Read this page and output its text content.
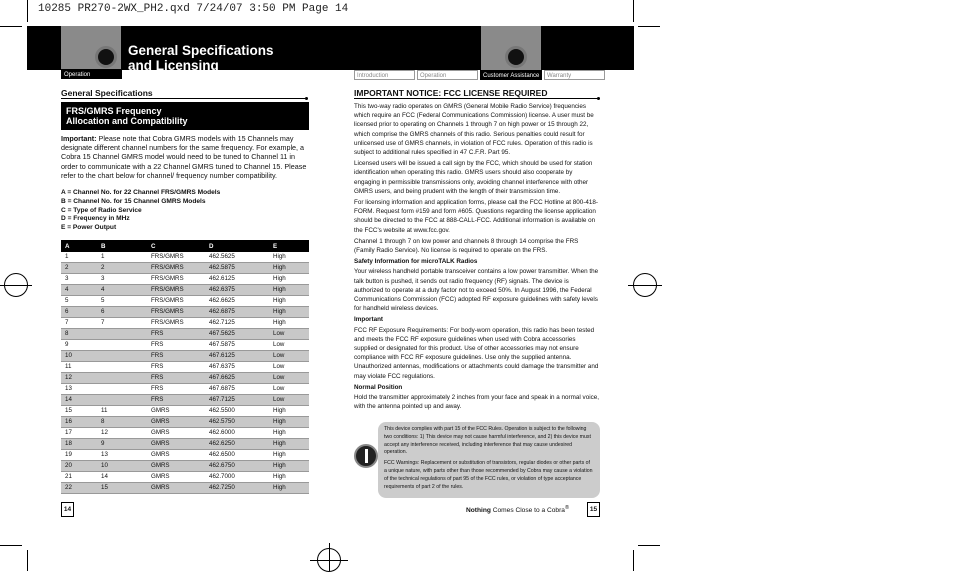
10285 PR270-2WX_PH2.qxd 7/24/07 3:50 PM Page 14
General Specifications
and Licensing
Operation	Introduction	Operation	Customer Assistance	Warranty
General Specifications
FRS/GMRS Frequency
Allocation and Compatibility
Important: Please note that Cobra GMRS models with 15 Channels may designate different channel numbers for the same frequency. For example, a Cobra 15 Channel GMRS model would need to be tuned to Channel 11 in order to communicate with a 22 Channel GMRS tuned to Channel 15. Please refer to the chart below for channel/ frequency number compatibility.
A = Channel No. for 22 Channel FRS/GMRS Models
B = Channel No. for 15 Channel GMRS Models
C = Type of Radio Service
D = Frequency in MHz
E = Power Output
A	B	C	D	E
1	1	FRS/GMRS	462.5625	High
2	2	FRS/GMRS	462.5875	High
3	3	FRS/GMRS	462.6125	High
4	4	FRS/GMRS	462.6375	High
5	5	FRS/GMRS	462.6625	High
6	6	FRS/GMRS	462.6875	High
7	7	FRS/GMRS	462.7125	High
8		FRS	467.5625	Low
9		FRS	467.5875	Low
10		FRS	467.6125	Low
11		FRS	467.6375	Low
12		FRS	467.6625	Low
13		FRS	467.6875	Low
14		FRS	467.7125	Low
15	11	GMRS	462.5500	High
16	8	GMRS	462.5750	High
17	12	GMRS	462.6000	High
18	9	GMRS	462.6250	High
19	13	GMRS	462.6500	High
20	10	GMRS	462.6750	High
21	14	GMRS	462.7000	High
22	15	GMRS	462.7250	High
14
IMPORTANT NOTICE: FCC LICENSE REQUIRED

This two-way radio operates on GMRS (General Mobile Radio Service) frequencies which require an FCC (Federal Communications Commission) license. A user must be licensed prior to operating on Channels 1 through 7 on high power or 15 through 22, which comprise the GMRS channels of this radio. Serious penalties could result for unlicensed use of GMRS channels, in violation of FCC rules. Operation of this radio is subject to additional rules specified in 47 C.F.R. Part 95.

Licensed users will be issued a call sign by the FCC, which should be used for station identification when operating this radio. GMRS users should also cooperate by engaging in permissible transmissions only, avoiding channel interference with other GMRS users, and being prudent with the length of their transmission time.

For licensing information and application forms, please call the FCC Hotline at 800-418-FORM. Request form #159 and form #605. Questions regarding the license application should be directed to the FCC at 888-CALL-FCC. Additional information is available on the FCC's website at www.fcc.gov.

Channel 1 through 7 on low power and channels 8 through 14 comprise the FRS (Family Radio Service). No license is required to operate on the FRS.

Safety Information for microTALK Radios

Your wireless handheld portable transceiver contains a low power transmitter. When the talk button is pushed, it sends out radio frequency (RF) signals. The device is authorized to operate at a duty factor not to exceed 50%. In August 1996, the Federal Communications Commission (FCC) adopted RF exposure guidelines with safety levels for handheld wireless devices.

Important

FCC RF Exposure Requirements: For body-worn operation, this radio has been tested and meets the FCC RF exposure guidelines when used with Cobra accessories supplied or designated for this product. Use of other accessories may not ensure compliance with FCC RF exposure guidelines. Use only the supplied antenna. Unauthorized antennas, modifications or attachments could damage the transmitter and may violate FCC regulations.

Normal Position

Hold the transmitter approximately 2 inches from your face and speak in a normal voice, with the antenna pointed up and away.

This device complies with part 15 of the FCC Rules. Operation is subject to the following two conditions: 1) This device may not cause harmful interference, and 2) this device must accept any interference received, including interference that may cause undesired operation.

FCC Warnings: Replacement or substitution of transistors, regular diodes or other parts of a unique nature, with parts other than those recommended by Cobra may cause a violation of the technical regulations of part 95 of the FCC rules, or violation of type acceptance requirements of part 2 of the rules.

Nothing Comes Close to a Cobra®	15
